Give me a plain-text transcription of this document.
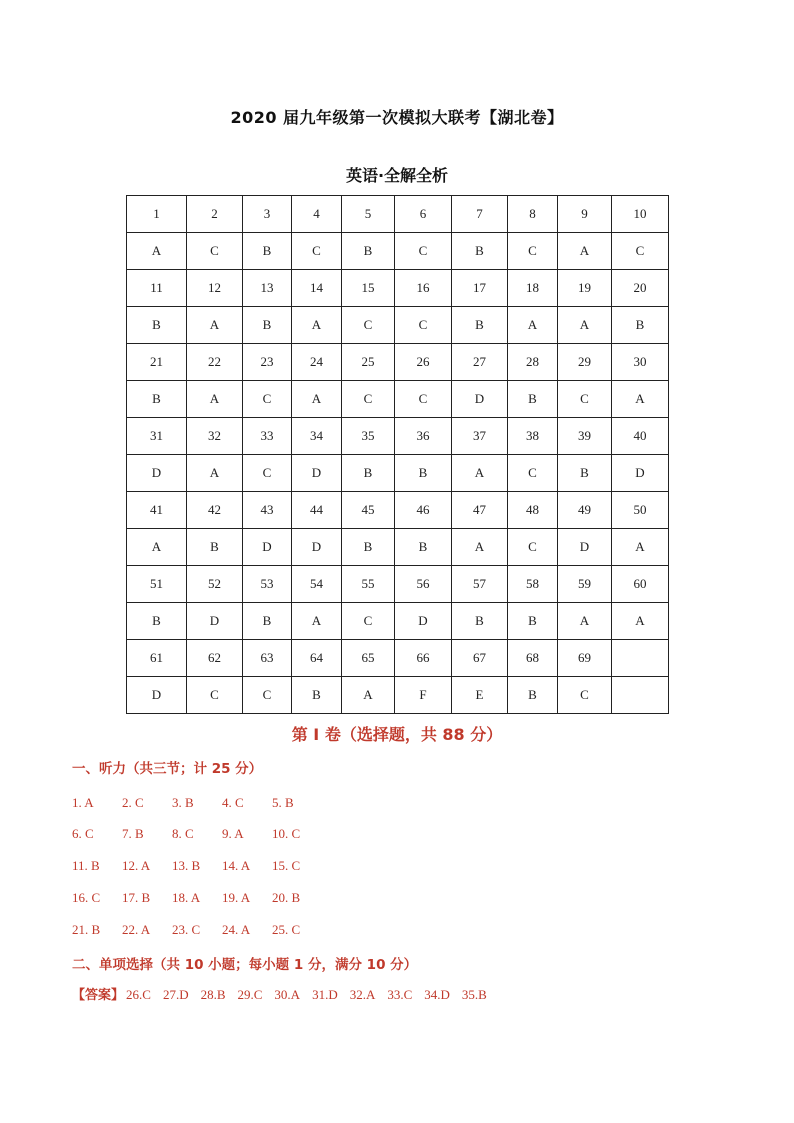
2020 届九年级第一次模拟大联考【湖北卷】
英语·全解全析
1	2	3	4	5	6	7	8	9	10
A	C	B	C	B	C	B	C	A	C
11	12	13	14	15	16	17	18	19	20
B	A	B	A	C	C	B	A	A	B
21	22	23	24	25	26	27	28	29	30
B	A	C	A	C	C	D	B	C	A
31	32	33	34	35	36	37	38	39	40
D	A	C	D	B	B	A	C	B	D
41	42	43	44	45	46	47	48	49	50
A	B	D	D	B	B	A	C	D	A
51	52	53	54	55	56	57	58	59	60
B	D	B	A	C	D	B	B	A	A
61	62	63	64	65	66	67	68	69	
D	C	C	B	A	F	E	B	C	
第 I 卷（选择题，共 88 分）
一、听力（共三节；计 25 分）
1. A 2. C 3. B 4. C 5. B
6. C 7. B 8. C 9. A 10. C
11. B 12. A 13. B 14. A 15. C
16. C 17. B 18. A 19. A 20. B
21. B 22. A 23. C 24. A 25. C
二、单项选择（共 10 小题；每小题 1 分，满分 10 分）
【答案】 26.C 27.D 28.B 29.C 30.A 31.D 32.A 33.C 34.D 35.B
